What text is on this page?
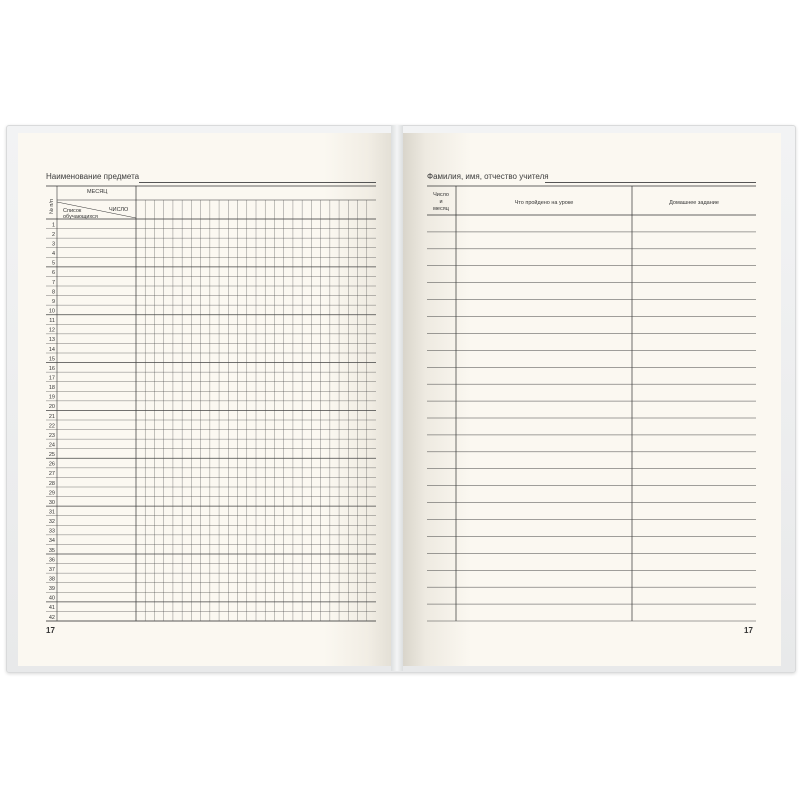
Наименование предмета
1
2
3
4
5
6
7
8
9
10
11
12
13
14
15
16
17
18
19
20
21
22
23
24
25
26
27
28
29
30
31
32
33
34
35
36
37
38
39
40
41
42
МЕСЯЦ
ЧИСЛО
Список
обучающихся
№ п/п
17
Фамилия, имя, отчество учителя
Число
и
месяц
Что пройдено на уроке	Домашнее задание
17
